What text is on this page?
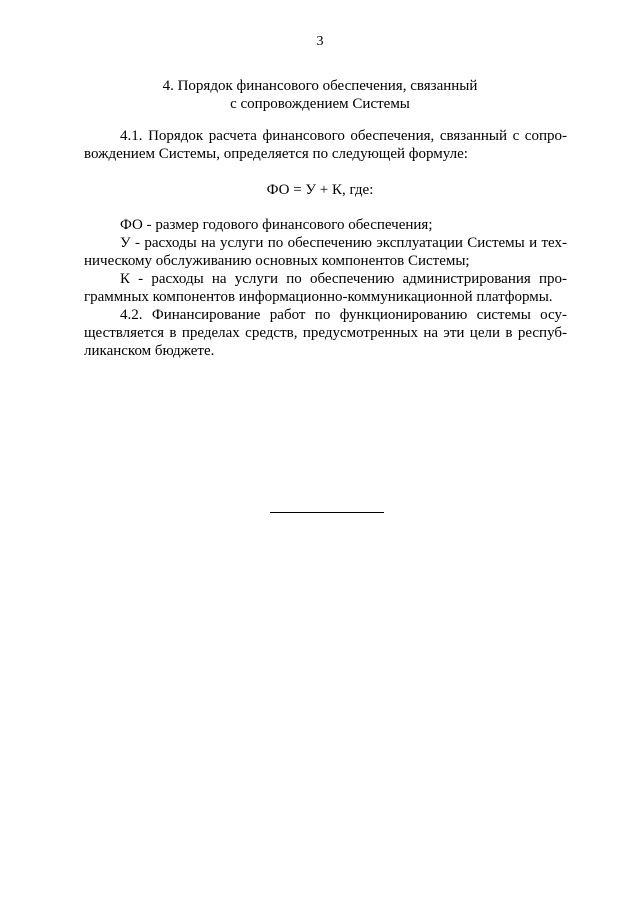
3
4. Порядок финансового обеспечения, связанный
с сопровождением Системы
4.1. Порядок расчета финансового обеспечения, связанный с сопро-
вождением Системы, определяется по следующей формуле:
ФО = У + К, где:
ФО - размер годового финансового обеспечения;
У - расходы на услуги по обеспечению эксплуатации Системы и тех-
ническому обслуживанию основных компонентов Системы;
К - расходы на услуги по обеспечению администрирования про-
граммных компонентов информационно-коммуникационной платформы.
4.2. Финансирование работ по функционированию системы осу-
ществляется в пределах средств, предусмотренных на эти цели в респуб-
ликанском бюджете.
